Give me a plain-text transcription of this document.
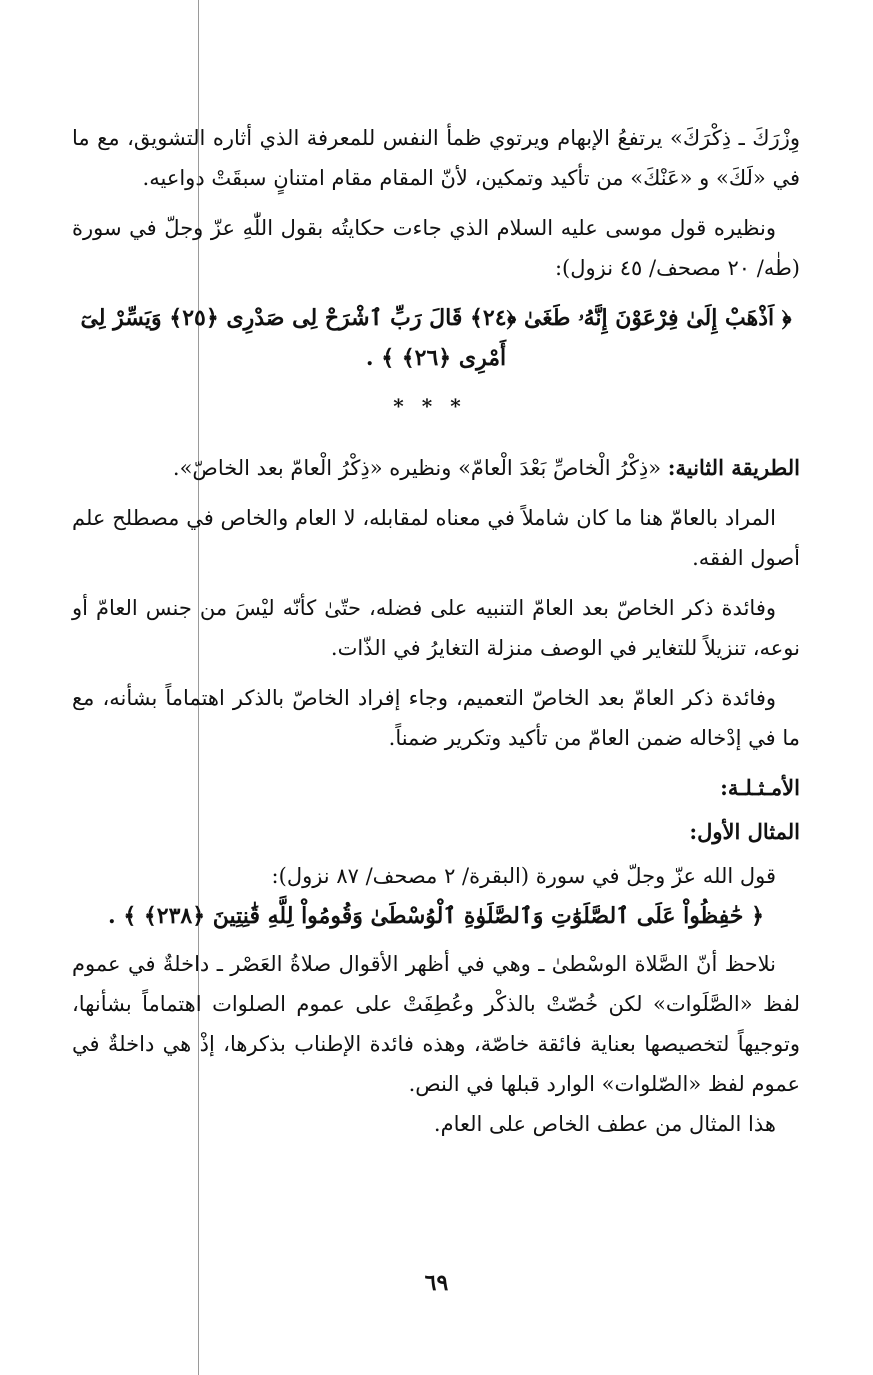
وِزْرَكَ ـ ذِكْرَكَ» يرتفعُ الإبهام ويرتوي ظمأ النفس للمعرفة الذي أثاره التشويق، مع ما في «لَكَ» و «عَنْكَ» من تأكيد وتمكين، لأنّ المقام مقام امتنانٍ سبقَتْ دواعيه.

ونظيره قول موسى عليه السلام الذي جاءت حكايتُه بقول اللّٰهِ عزّ وجلّ في سورة (طٰه/ ٢٠ مصحف/ ٤٥ نزول):

﴿ اَذْهَبْ إِلَىٰ فِرْعَوْنَ إِنَّهُۥ طَغَىٰ ﴿٢٤﴾ قَالَ رَبِّ ٱشْرَحْ لِى صَدْرِى ﴿٢٥﴾ وَيَسِّرْ لِىٓ أَمْرِى ﴿٢٦﴾ ﴾ .

***

الطريقة الثانية: «ذِكْرُ الْخاصِّ بَعْدَ الْعامّ» ونظيره «ذِكْرُ الْعامّ بعد الخاصّ».

المراد بالعامّ هنا ما كان شاملاً في معناه لمقابله، لا العام والخاص في مصطلح علم أصول الفقه.

وفائدة ذكر الخاصّ بعد العامّ التنبيه على فضله، حتّىٰ كأنّه ليْسَ من جنس العامّ أو نوعه، تنزيلاً للتغاير في الوصف منزلة التغايرُ في الذّات.

وفائدة ذكر العامّ بعد الخاصّ التعميم، وجاء إفراد الخاصّ بالذكر اهتماماً بشأنه، مع ما في إدْخاله ضمن العامّ من تأكيد وتكرير ضمناً.

الأمـثـلـة:

المثال الأول:

قول الله عزّ وجلّ في سورة (البقرة/ ٢ مصحف/ ٨٧ نزول):

﴿ حَٰفِظُواْ عَلَى ٱلصَّلَوَٰتِ وَٱلصَّلَوٰةِ ٱلْوُسْطَىٰ وَقُومُواْ لِلَّهِ قَٰنِتِينَ ﴿٢٣٨﴾ ﴾ .

نلاحظ أنّ الصَّلاة الوسْطىٰ ـ وهي في أظهر الأقوال صلاةُ العَصْر ـ داخلةٌ في عموم لفظ «الصَّلَوات» لكن خُصّتْ بالذكْر وعُطِفَتْ على عموم الصلوات اهتماماً بشأنها، وتوجيهاً لتخصيصها بعناية فائقة خاصّة، وهذه فائدة الإطناب بذكرها، إذْ هي داخلةٌ في عموم لفظ «الصّلوات» الوارد قبلها في النص.

هذا المثال من عطف الخاص على العام.

٦٩
